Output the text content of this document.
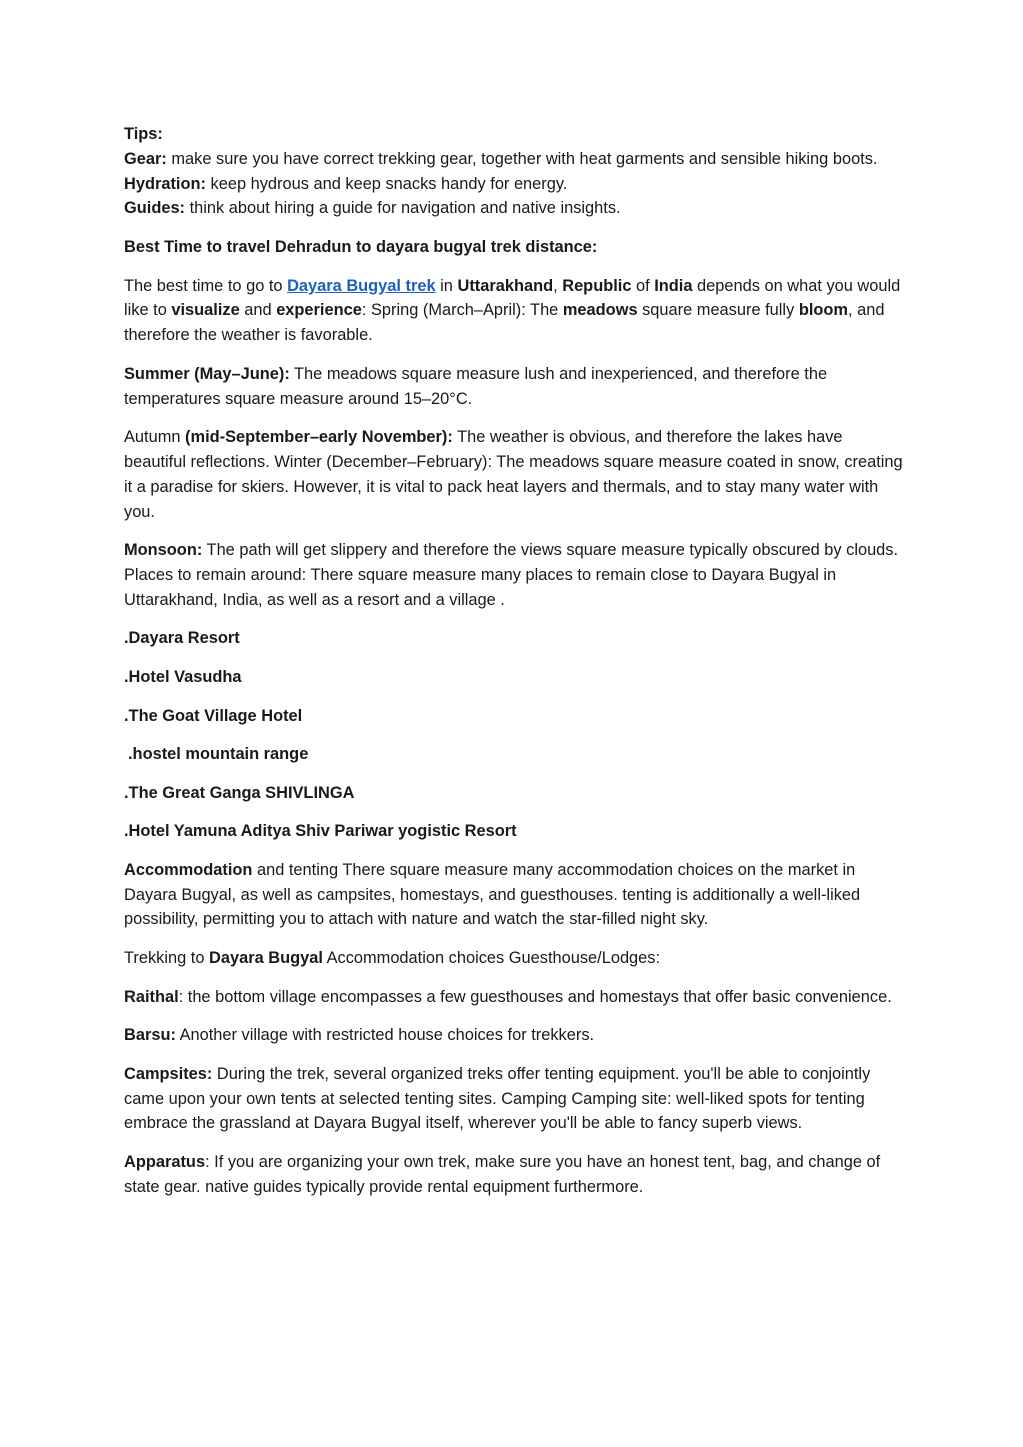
Tips:

Gear: make sure you have correct trekking gear, together with heat garments and sensible hiking boots.

Hydration: keep hydrous and keep snacks handy for energy.

Guides: think about hiring a guide for navigation and native insights.

Best Time to travel Dehradun to dayara bugyal trek distance:

The best time to go to Dayara Bugyal trek in Uttarakhand, Republic of India depends on what you would like to visualize and experience: Spring (March–April): The meadows square measure fully bloom, and therefore the weather is favorable.

Summer (May–June): The meadows square measure lush and inexperienced, and therefore the temperatures square measure around 15–20°C.

Autumn (mid-September–early November): The weather is obvious, and therefore the lakes have beautiful reflections. Winter (December–February): The meadows square measure coated in snow, creating it a paradise for skiers. However, it is vital to pack heat layers and thermals, and to stay many water with you.

Monsoon: The path will get slippery and therefore the views square measure typically obscured by clouds. Places to remain around: There square measure many places to remain close to Dayara Bugyal in Uttarakhand, India, as well as a resort and a village .

.Dayara Resort

.Hotel Vasudha

.The Goat Village Hotel

.hostel mountain range

.The Great Ganga SHIVLINGA

.Hotel Yamuna Aditya Shiv Pariwar yogistic Resort

Accommodation and tenting There square measure many accommodation choices on the market in Dayara Bugyal, as well as campsites, homestays, and guesthouses. tenting is additionally a well-liked possibility, permitting you to attach with nature and watch the star-filled night sky.

Trekking to Dayara Bugyal Accommodation choices Guesthouse/Lodges:

Raithal: the bottom village encompasses a few guesthouses and homestays that offer basic convenience.

Barsu: Another village with restricted house choices for trekkers.

Campsites: During the trek, several organized treks offer tenting equipment. you'll be able to conjointly came upon your own tents at selected tenting sites. Camping Camping site: well-liked spots for tenting embrace the grassland at Dayara Bugyal itself, wherever you'll be able to fancy superb views.

Apparatus: If you are organizing your own trek, make sure you have an honest tent, bag, and change of state gear. native guides typically provide rental equipment furthermore.
